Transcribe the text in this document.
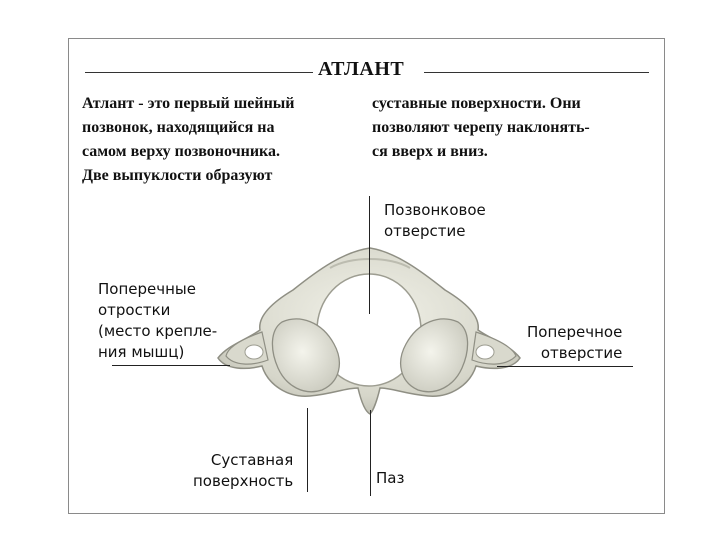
АТЛАНТ
Атлант - это первый шейный
позвонок, находящийся на
самом верху позвоночника.
Две выпуклости образуют
суставные поверхности. Они
позволяют черепу наклонять-
ся вверх и вниз.
Позвонковое
отверстие
Поперечные
отростки
(место крепле-
ния мышц)
Поперечное
отверстие
Суставная
поверхность	Паз
